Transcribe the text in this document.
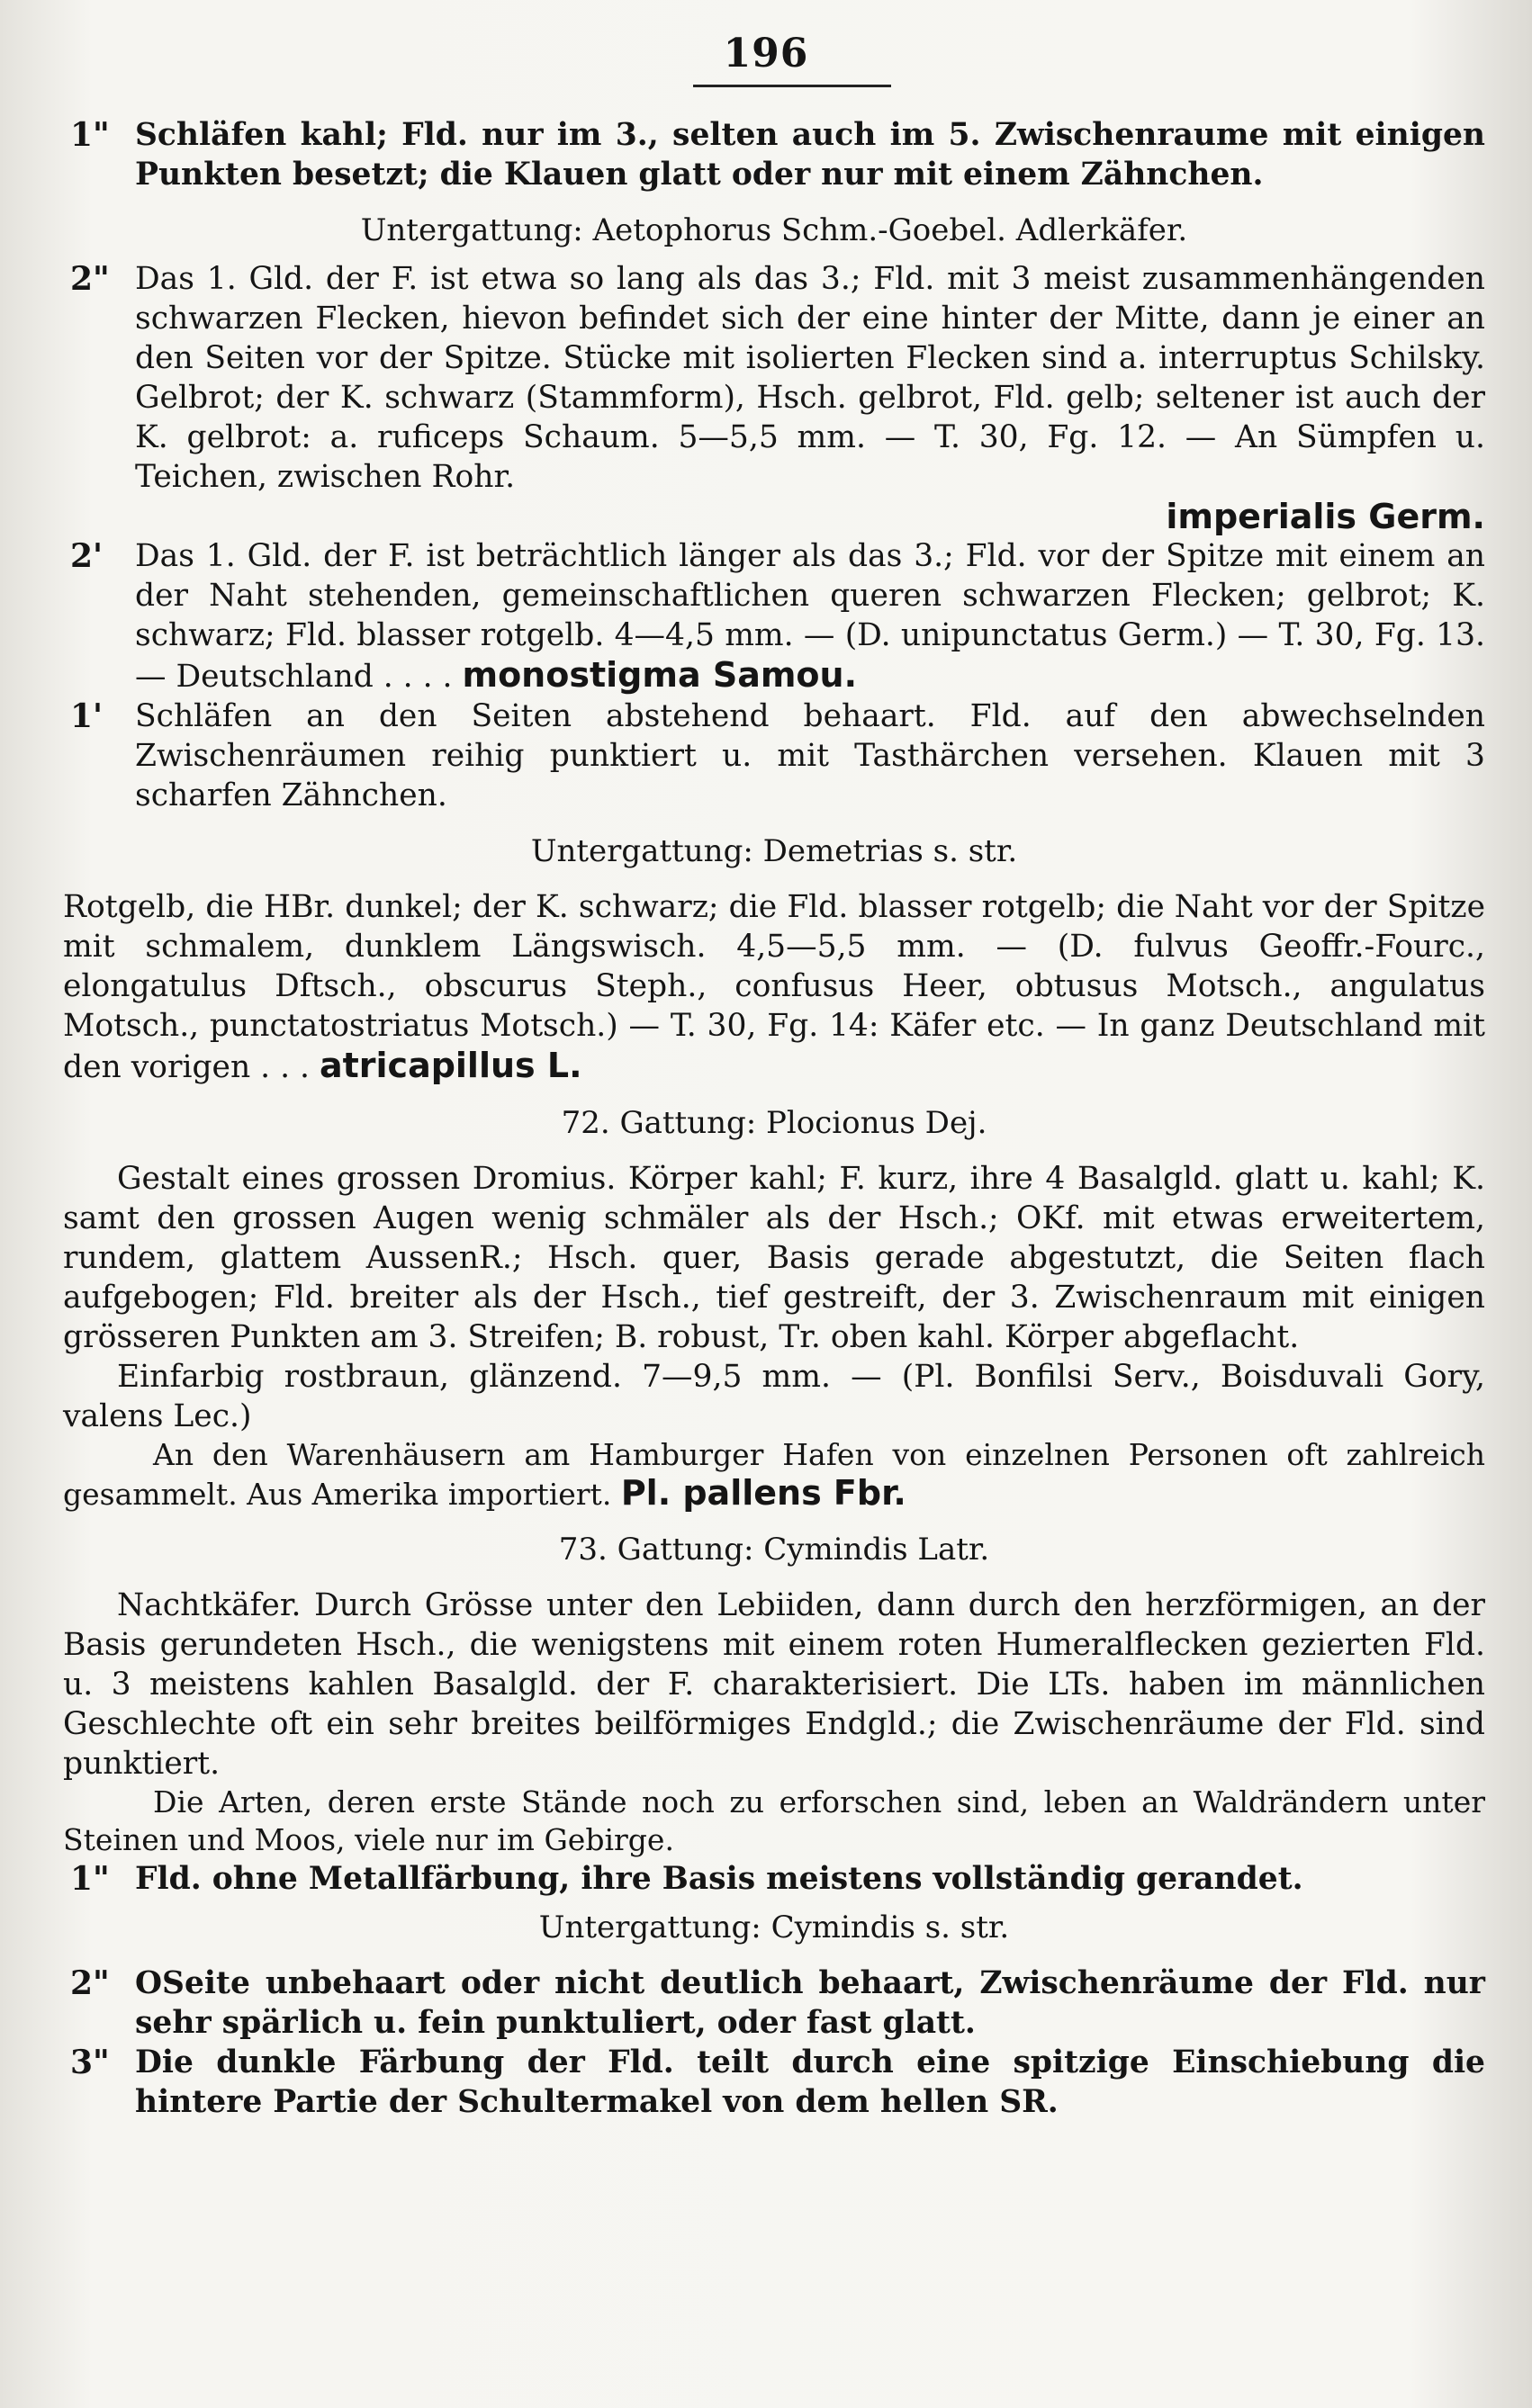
196

1" Schläfen kahl; Fld. nur im 3., selten auch im 5. Zwischenraume mit einigen Punkten besetzt; die Klauen glatt oder nur mit einem Zähnchen.

Untergattung: Aetophorus Schm.-Goebel. Adlerkäfer.

2" Das 1. Gld. der F. ist etwa so lang als das 3.; Fld. mit 3 meist zusammenhängenden schwarzen Flecken, hievon befindet sich der eine hinter der Mitte, dann je einer an den Seiten vor der Spitze. Stücke mit isolierten Flecken sind a. interruptus Schilsky. Gelbrot; der K. schwarz (Stammform), Hsch. gelbrot, Fld. gelb; seltener ist auch der K. gelbrot: a. ruficeps Schaum. 5—5,5 mm. — T. 30, Fg. 12. — An Sümpfen u. Teichen, zwischen Rohr.
imperialis Germ.

2' Das 1. Gld. der F. ist beträchtlich länger als das 3.; Fld. vor der Spitze mit einem an der Naht stehenden, gemeinschaftlichen queren schwarzen Flecken; gelbrot; K. schwarz; Fld. blasser rotgelb. 4—4,5 mm. — (D. unipunctatus Germ.) — T. 30, Fg. 13. — Deutschland . . . . monostigma Samou.

1' Schläfen an den Seiten abstehend behaart. Fld. auf den abwechselnden Zwischenräumen reihig punktiert u. mit Tasthärchen versehen. Klauen mit 3 scharfen Zähnchen.

Untergattung: Demetrias s. str.

Rotgelb, die HBr. dunkel; der K. schwarz; die Fld. blasser rotgelb; die Naht vor der Spitze mit schmalem, dunklem Längswisch. 4,5—5,5 mm. — (D. fulvus Geoffr.-Fourc., elongatulus Dftsch., obscurus Steph., confusus Heer, obtusus Motsch., angulatus Motsch., punctatostriatus Motsch.) — T. 30, Fg. 14: Käfer etc. — In ganz Deutschland mit den vorigen . . . atricapillus L.

72. Gattung: Plocionus Dej.

Gestalt eines grossen Dromius. Körper kahl; F. kurz, ihre 4 Basalgld. glatt u. kahl; K. samt den grossen Augen wenig schmäler als der Hsch.; OKf. mit etwas erweitertem, rundem, glattem AussenR.; Hsch. quer, Basis gerade abgestutzt, die Seiten flach aufgebogen; Fld. breiter als der Hsch., tief gestreift, der 3. Zwischenraum mit einigen grösseren Punkten am 3. Streifen; B. robust, Tr. oben kahl. Körper abgeflacht.

Einfarbig rostbraun, glänzend. 7—9,5 mm. — (Pl. Bonfilsi Serv., Boisduvali Gory, valens Lec.)

An den Warenhäusern am Hamburger Hafen von einzelnen Personen oft zahlreich gesammelt. Aus Amerika importiert. Pl. pallens Fbr.

73. Gattung: Cymindis Latr.

Nachtkäfer. Durch Grösse unter den Lebiiden, dann durch den herzförmigen, an der Basis gerundeten Hsch., die wenigstens mit einem roten Humeralflecken gezierten Fld. u. 3 meistens kahlen Basalgld. der F. charakterisiert. Die LTs. haben im männlichen Geschlechte oft ein sehr breites beilförmiges Endgld.; die Zwischenräume der Fld. sind punktiert.

Die Arten, deren erste Stände noch zu erforschen sind, leben an Waldrändern unter Steinen und Moos, viele nur im Gebirge.

1" Fld. ohne Metallfärbung, ihre Basis meistens vollständig gerandet.

Untergattung: Cymindis s. str.

2" OSeite unbehaart oder nicht deutlich behaart, Zwischenräume der Fld. nur sehr spärlich u. fein punktuliert, oder fast glatt.

3" Die dunkle Färbung der Fld. teilt durch eine spitzige Einschiebung die hintere Partie der Schultermakel von dem hellen SR.
